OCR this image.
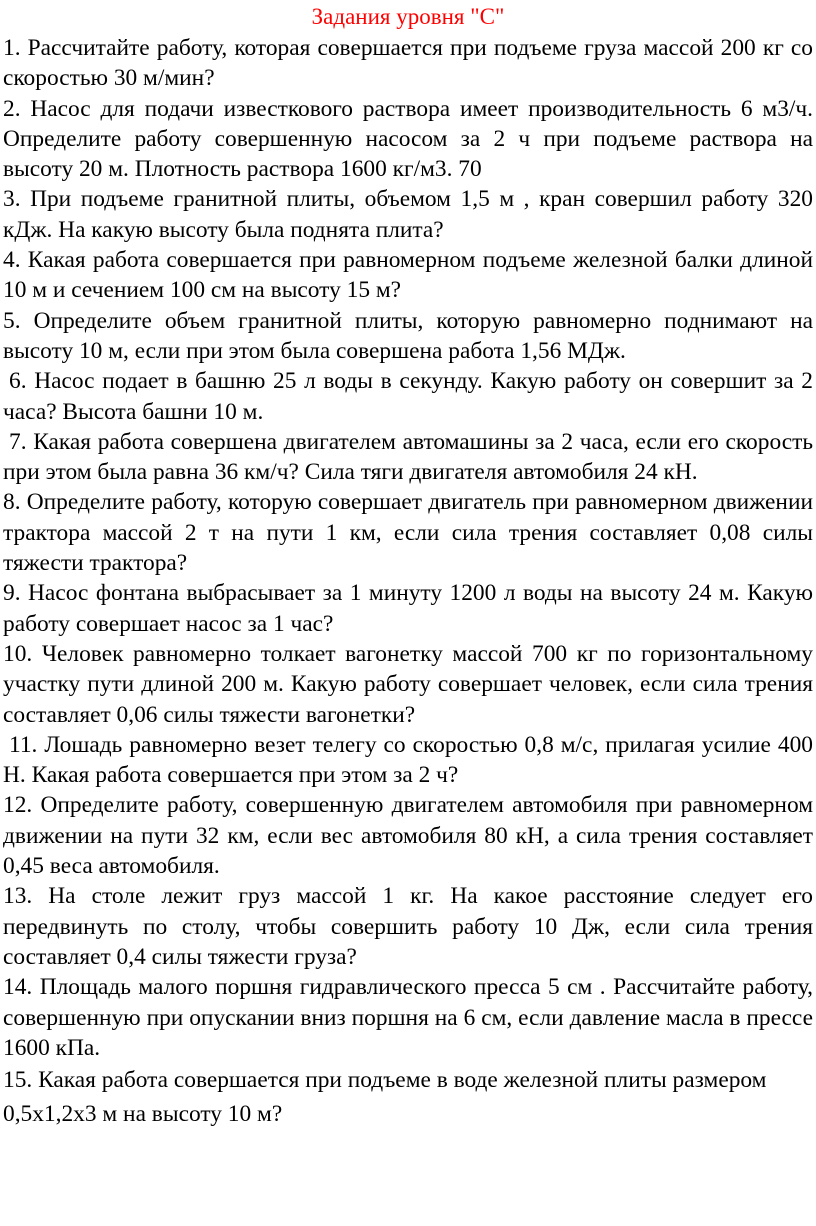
Задания уровня "С"

1. Рассчитайте работу, которая совершается при подъеме груза массой 200 кг со скоростью 30 м/мин?

2. Насос для подачи известкового раствора имеет производительность 6 м3/ч. Определите работу совершенную насосом за 2 ч при подъеме раствора на высоту 20 м. Плотность раствора 1600 кг/м3. 70

3. При подъеме гранитной плиты, объемом 1,5 м , кран совершил работу 320 кДж. На какую высоту была поднята плита?

4. Какая работа совершается при равномерном подъеме железной балки длиной 10 м и сечением 100 см на высоту 15 м?

5. Определите объем гранитной плиты, которую равномерно поднимают на высоту 10 м, если при этом была совершена работа 1,56 МДж.

6. Насос подает в башню 25 л воды в секунду. Какую работу он совершит за 2 часа? Высота башни 10 м.

7. Какая работа совершена двигателем автомашины за 2 часа, если его скорость при этом была равна 36 км/ч? Сила тяги двигателя автомобиля 24 кН.

8. Определите работу, которую совершает двигатель при равномерном движении трактора массой 2 т на пути 1 км, если сила трения составляет 0,08 силы тяжести трактора?

9. Насос фонтана выбрасывает за 1 минуту 1200 л воды на высоту 24 м. Какую работу совершает насос за 1 час?

10. Человек равномерно толкает вагонетку массой 700 кг по горизонтальному участку пути длиной 200 м. Какую работу совершает человек, если сила трения составляет 0,06 силы тяжести вагонетки?

11. Лошадь равномерно везет телегу со скоростью 0,8 м/с, прилагая усилие 400 Н. Какая работа совершается при этом за 2 ч?

12. Определите работу, совершенную двигателем автомобиля при равномерном движении на пути 32 км, если вес автомобиля 80 кН, а сила трения составляет 0,45 веса автомобиля.

13. На столе лежит груз массой 1 кг. На какое расстояние следует его передвинуть по столу, чтобы совершить работу 10 Дж, если сила трения составляет 0,4 силы тяжести груза?

14. Площадь малого поршня гидравлического пресса 5 см . Рассчитайте работу, совершенную при опускании вниз поршня на 6 см, если давление масла в прессе 1600 кПа.

15. Какая работа совершается при подъеме в воде железной плиты размером 0,5х1,2х3 м на высоту 10 м?
